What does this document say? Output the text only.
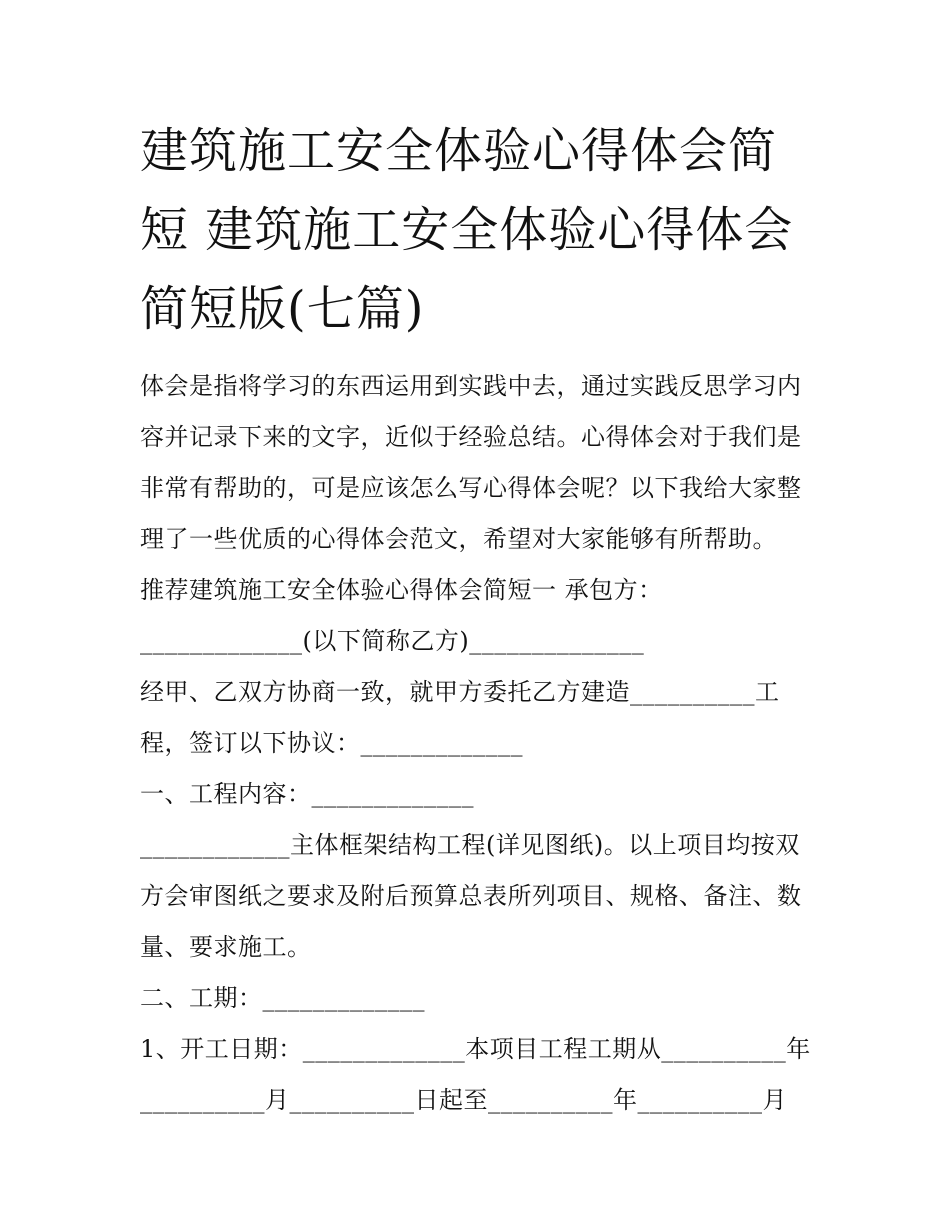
建筑施工安全体验心得体会简
短 建筑施工安全体验心得体会
简短版(七篇)
体会是指将学习的东西运用到实践中去，通过实践反思学习内
容并记录下来的文字，近似于经验总结。心得体会对于我们是
非常有帮助的，可是应该怎么写心得体会呢？以下我给大家整
理了一些优质的心得体会范文，希望对大家能够有所帮助。
推荐建筑施工安全体验心得体会简短一 承包方：
_____________(以下简称乙方)______________
经甲、乙双方协商一致，就甲方委托乙方建造__________工
程，签订以下协议：_____________
一、工程内容：_____________
____________主体框架结构工程(详见图纸)。以上项目均按双
方会审图纸之要求及附后预算总表所列项目、规格、备注、数
量、要求施工。
二、工期：_____________
1、开工日期：_____________本项目工程工期从__________年
__________月__________日起至__________年__________月
